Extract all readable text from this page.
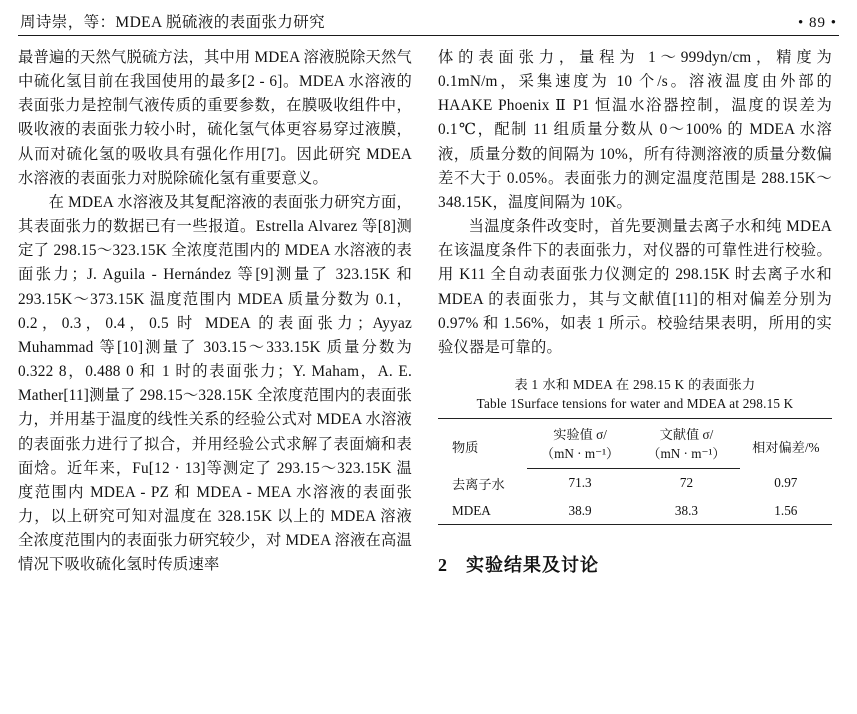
周诗崇，等：MDEA 脱硫液的表面张力研究	• 89 •

最普遍的天然气脱硫方法，其中用 MDEA 溶液脱除天然气中硫化氢目前在我国使用的最多[2 - 6]。MDEA 水溶液的表面张力是控制气液传质的重要参数，在膜吸收组件中，吸收液的表面张力较小时，硫化氢气体更容易穿过液膜，从而对硫化氢的吸收具有强化作用[7]。因此研究 MDEA 水溶液的表面张力对脱除硫化氢有重要意义。

在 MDEA 水溶液及其复配溶液的表面张力研究方面，其表面张力的数据已有一些报道。Estrella Alvarez 等[8]测定了 298.15～323.15K 全浓度范围内的 MDEA 水溶液的表面张力；J. Aguila - Hernández 等[9]测量了 323.15K 和 293.15K～373.15K 温度范围内 MDEA 质量分数为 0.1，0.2，0.3，0.4，0.5 时 MDEA 的表面张力；Ayyaz Muhammad 等[10]测量了 303.15～333.15K 质量分数为 0.322 8，0.488 0 和 1 时的表面张力；Y. Maham，A. E. Mather[11]测量了 298.15～328.15K 全浓度范围内的表面张力，并用基于温度的线性关系的经验公式对 MDEA 水溶液的表面张力进行了拟合，并用经验公式求解了表面熵和表面焓。近年来，Fu[12 · 13]等测定了 293.15～323.15K 温度范围内 MDEA - PZ 和 MDEA - MEA 水溶液的表面张力，以上研究可知对温度在 328.15K 以上的 MDEA 溶液全浓度范围内的表面张力研究较少，对 MDEA 溶液在高温情况下吸收硫化氢时传质速率

体的表面张力，量程为 1～999dyn/cm，精度为 0.1mN/m，采集速度为 10 个/s。溶液温度由外部的 HAAKE Phoenix Ⅱ P1 恒温水浴器控制，温度的误差为 0.1℃，配制 11 组质量分数从 0～100% 的 MDEA 水溶液，质量分数的间隔为 10%，所有待测溶液的质量分数偏差不大于 0.05%。表面张力的测定温度范围是 288.15K～348.15K，温度间隔为 10K。

当温度条件改变时，首先要测量去离子水和纯 MDEA 在该温度条件下的表面张力，对仪器的可靠性进行校验。用 K11 全自动表面张力仪测定的 298.15K 时去离子水和 MDEA 的表面张力，其与文献值[11]的相对偏差分别为 0.97% 和 1.56%，如表 1 所示。校验结果表明，所用的实验仪器是可靠的。

表 1 水和 MDEA 在 298.15 K 的表面张力
Table 1Surface tensions for water and MDEA at 298.15 K
物质	实验值 σ/	文献值 σ/	相对偏差/%
	（mN · m⁻¹）	（mN · m⁻¹）	
去离子水	71.3	72	0.97
MDEA	38.9	38.3	1.56
2 实验结果及讨论
